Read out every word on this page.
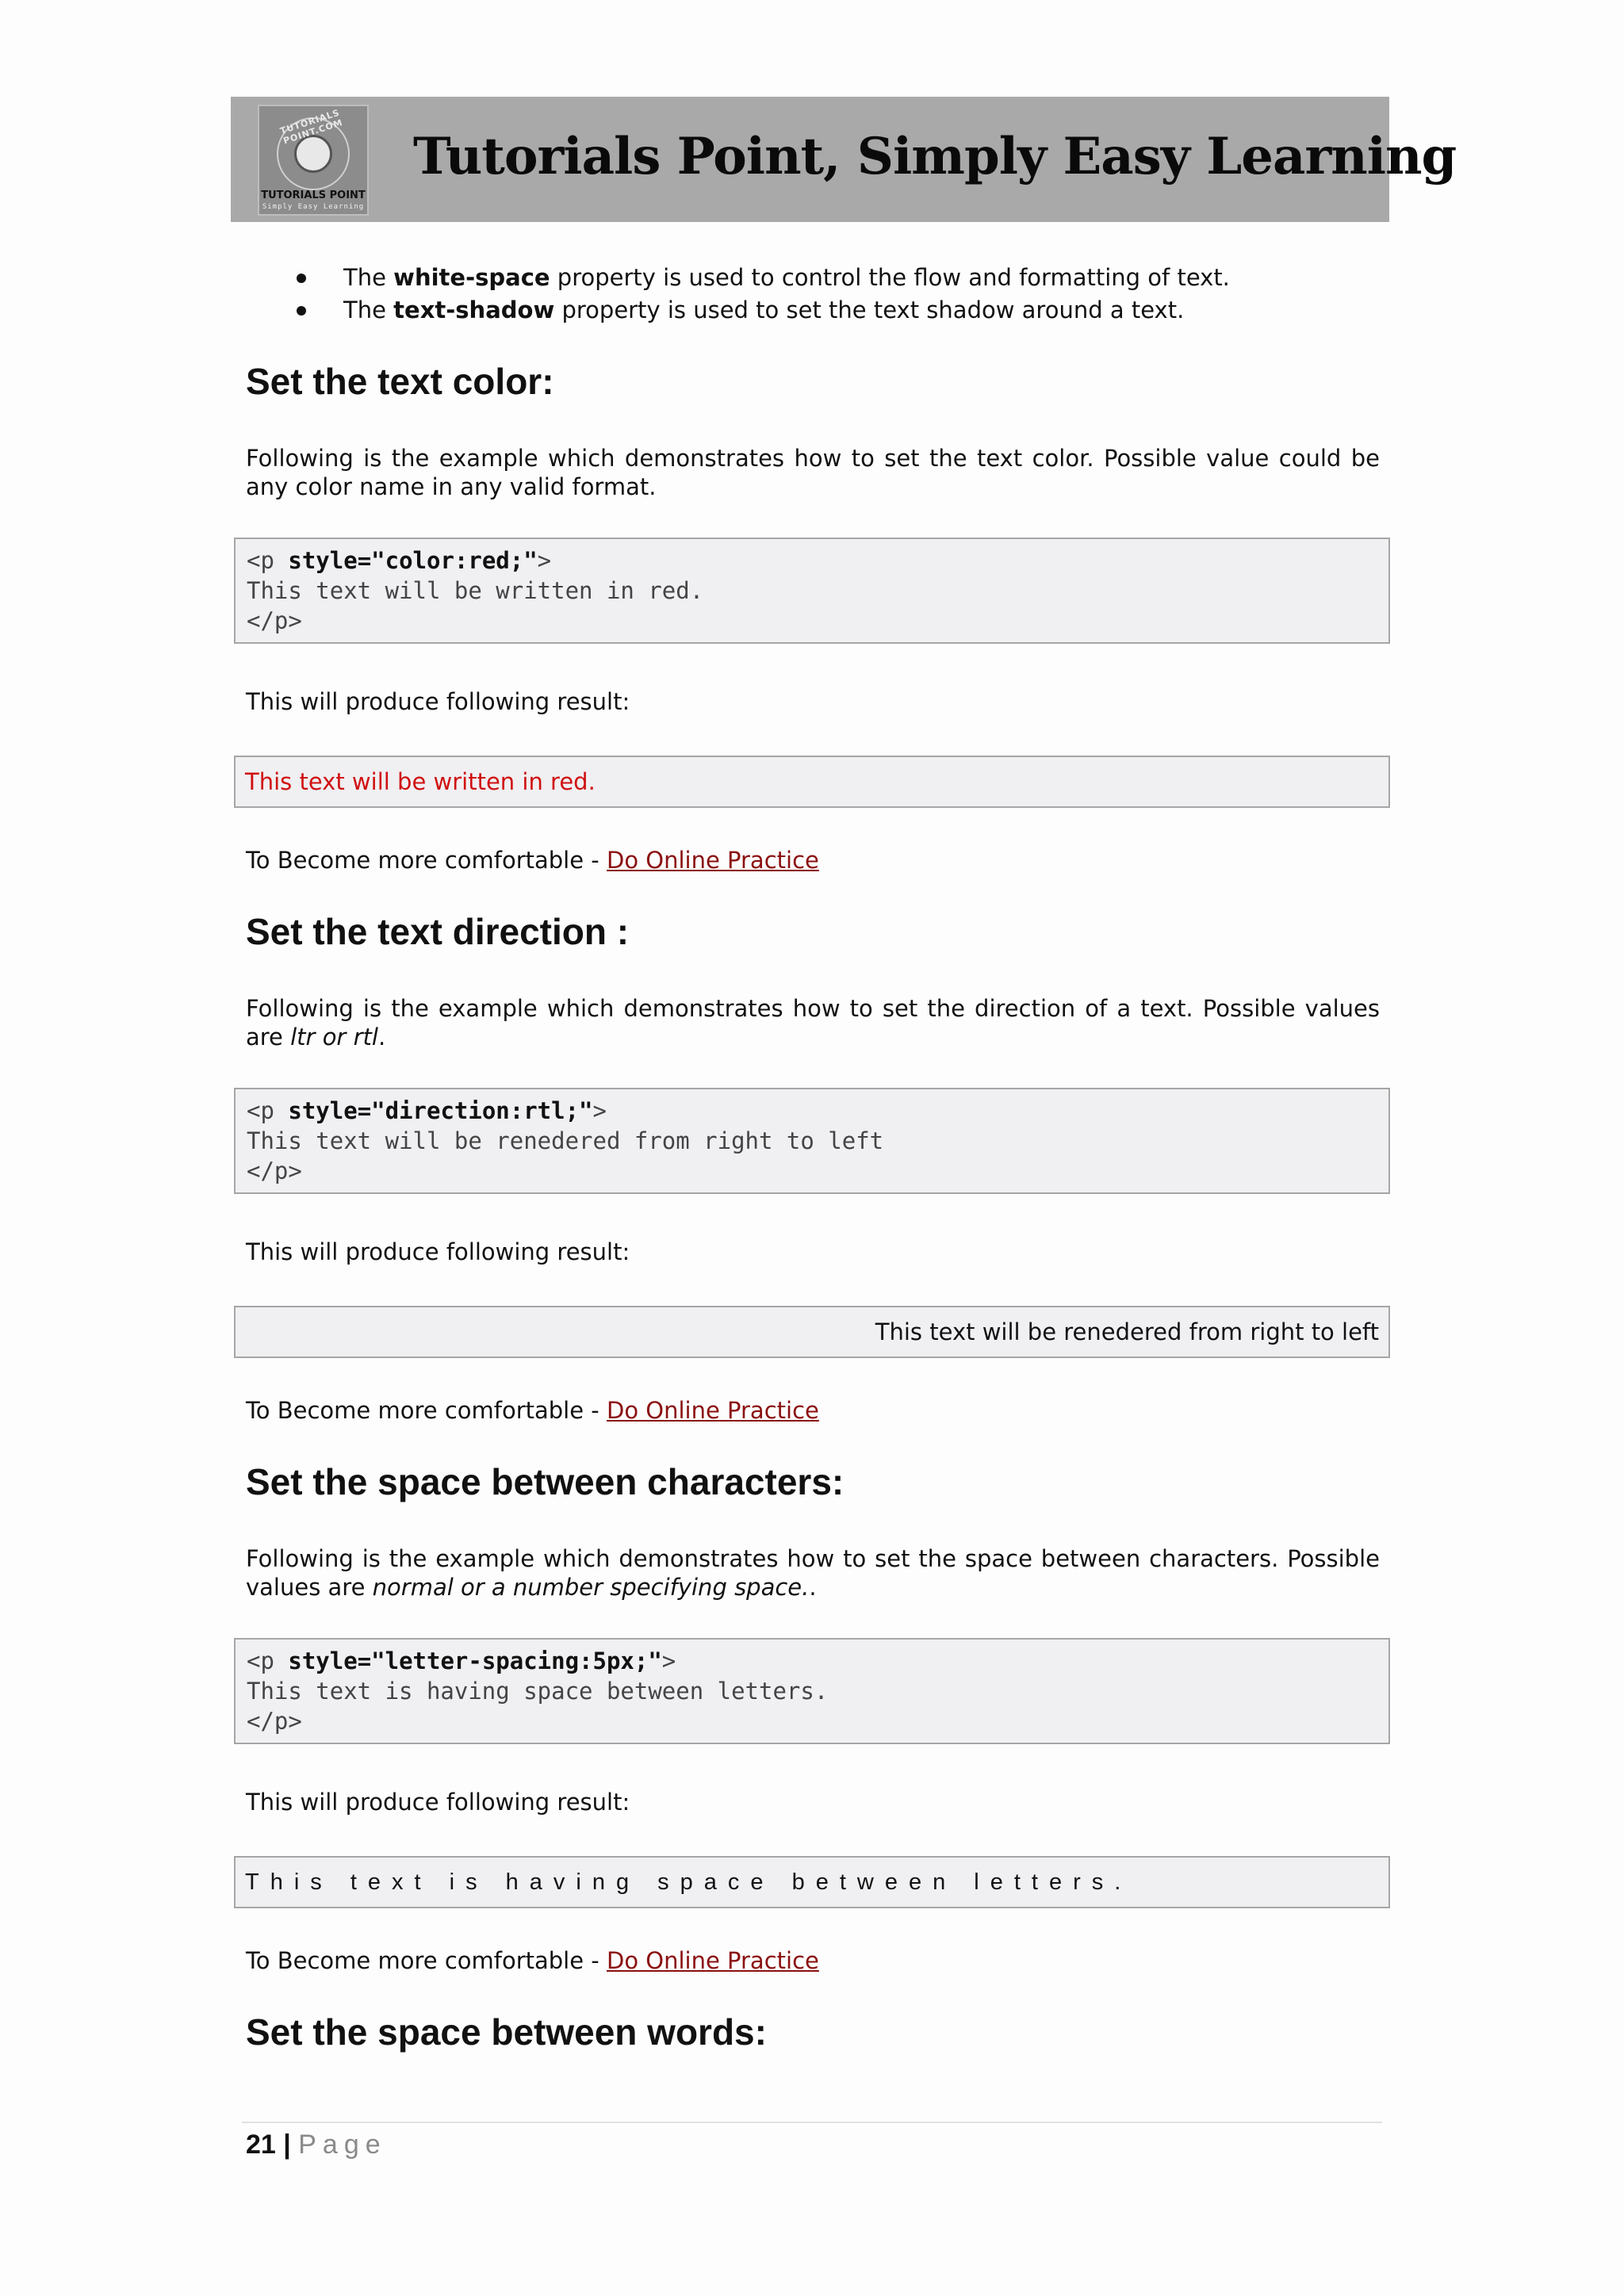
TUTORIALS POINT.COM
TUTORIALS POINT
Simply Easy Learning
Tutorials Point, Simply Easy Learning
The white-space property is used to control the flow and formatting of text.
The text-shadow property is used to set the text shadow around a text.
Set the text color:
Following is the example which demonstrates how to set the text color. Possible value could be any color name in any valid format.
<p style="color:red;">
This text will be written in red.
</p>
This will produce following result:
This text will be written in red.
To Become more comfortable - Do Online Practice
Set the text direction :
Following is the example which demonstrates how to set the direction of a text. Possible values are ltr or rtl.
<p style="direction:rtl;">
This text will be renedered from right to left
</p>
This will produce following result:
This text will be renedered from right to left
To Become more comfortable - Do Online Practice
Set the space between characters:
Following is the example which demonstrates how to set the space between characters. Possible values are normal or a number specifying space..
<p style="letter-spacing:5px;">
This text is having space between letters.
</p>
This will produce following result:
This text is having space between letters.
To Become more comfortable - Do Online Practice
Set the space between words:
21 | Page
